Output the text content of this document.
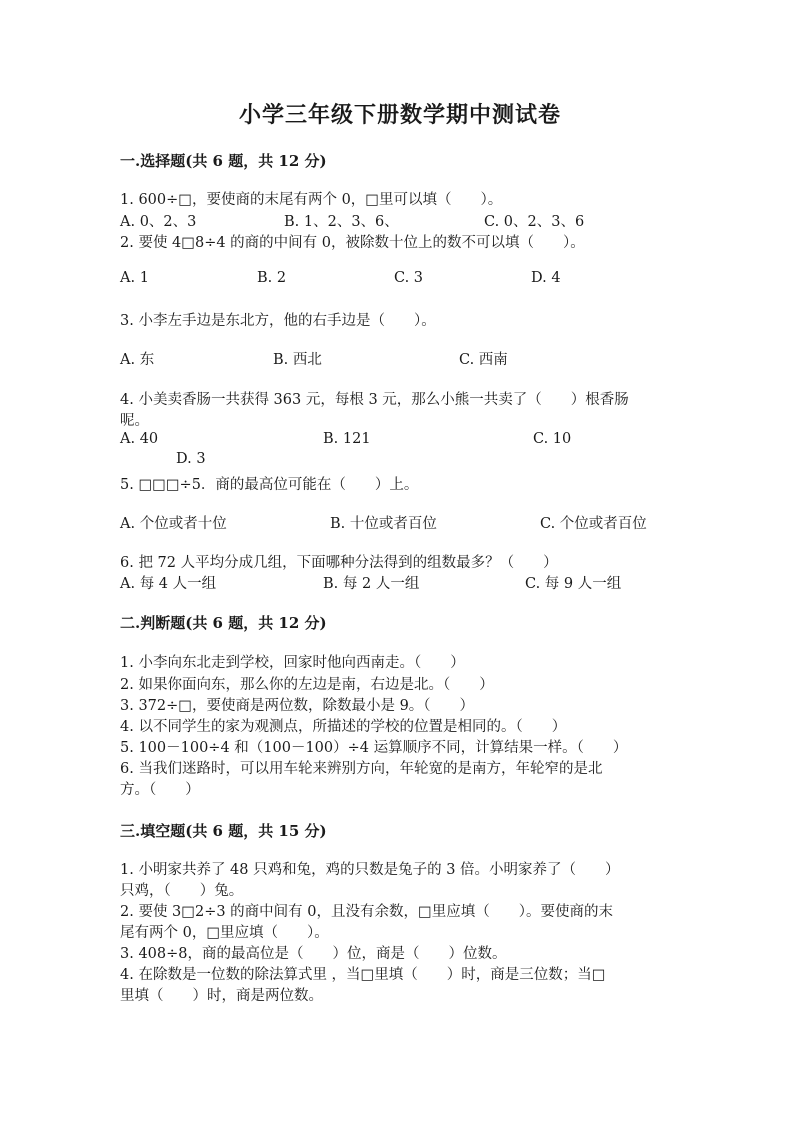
小学三年级下册数学期中测试卷
一.选择题(共 6 题，共 12 分)
1. 600÷□，要使商的末尾有两个 0，□里可以填（　　）。
A. 0、2、3	B. 1、2、3、6、	C. 0、2、3、6
2. 要使 4□8÷4 的商的中间有 0，被除数十位上的数不可以填（　　）。
A. 1	B. 2	C. 3	D. 4
3. 小李左手边是东北方，他的右手边是（　　）。
A. 东	B. 西北	C. 西南
4. 小美卖香肠一共获得 363 元，每根 3 元，那么小熊一共卖了（　　）根香肠
呢。
A. 40	B. 121	C. 10
D. 3
5. □□□÷5．商的最高位可能在（　　）上。
A. 个位或者十位	B. 十位或者百位	C. 个位或者百位
6. 把 72 人平均分成几组，下面哪种分法得到的组数最多？（　　）
A. 每 4 人一组	B. 每 2 人一组	C. 每 9 人一组
二.判断题(共 6 题，共 12 分)
1. 小李向东北走到学校，回家时他向西南走。（　　）
2. 如果你面向东，那么你的左边是南，右边是北。（　　）
3. 372÷□，要使商是两位数，除数最小是 9。（　　）
4. 以不同学生的家为观测点，所描述的学校的位置是相同的。（　　）
5. 100－100÷4 和（100－100）÷4 运算顺序不同，计算结果一样。（　　）
6. 当我们迷路时，可以用车轮来辨别方向，年轮宽的是南方，年轮窄的是北
方。（　　）
三.填空题(共 6 题，共 15 分)
1. 小明家共养了 48 只鸡和兔，鸡的只数是兔子的 3 倍。小明家养了（　　）
只鸡，（　　）兔。
2. 要使 3□2÷3 的商中间有 0，且没有余数，□里应填（　　）。要使商的末
尾有两个 0，□里应填（　　）。
3. 408÷8，商的最高位是（　　）位，商是（　　）位数。
4. 在除数是一位数的除法算式里 ，当□里填（　　）时，商是三位数；当□
里填（　　）时，商是两位数。
